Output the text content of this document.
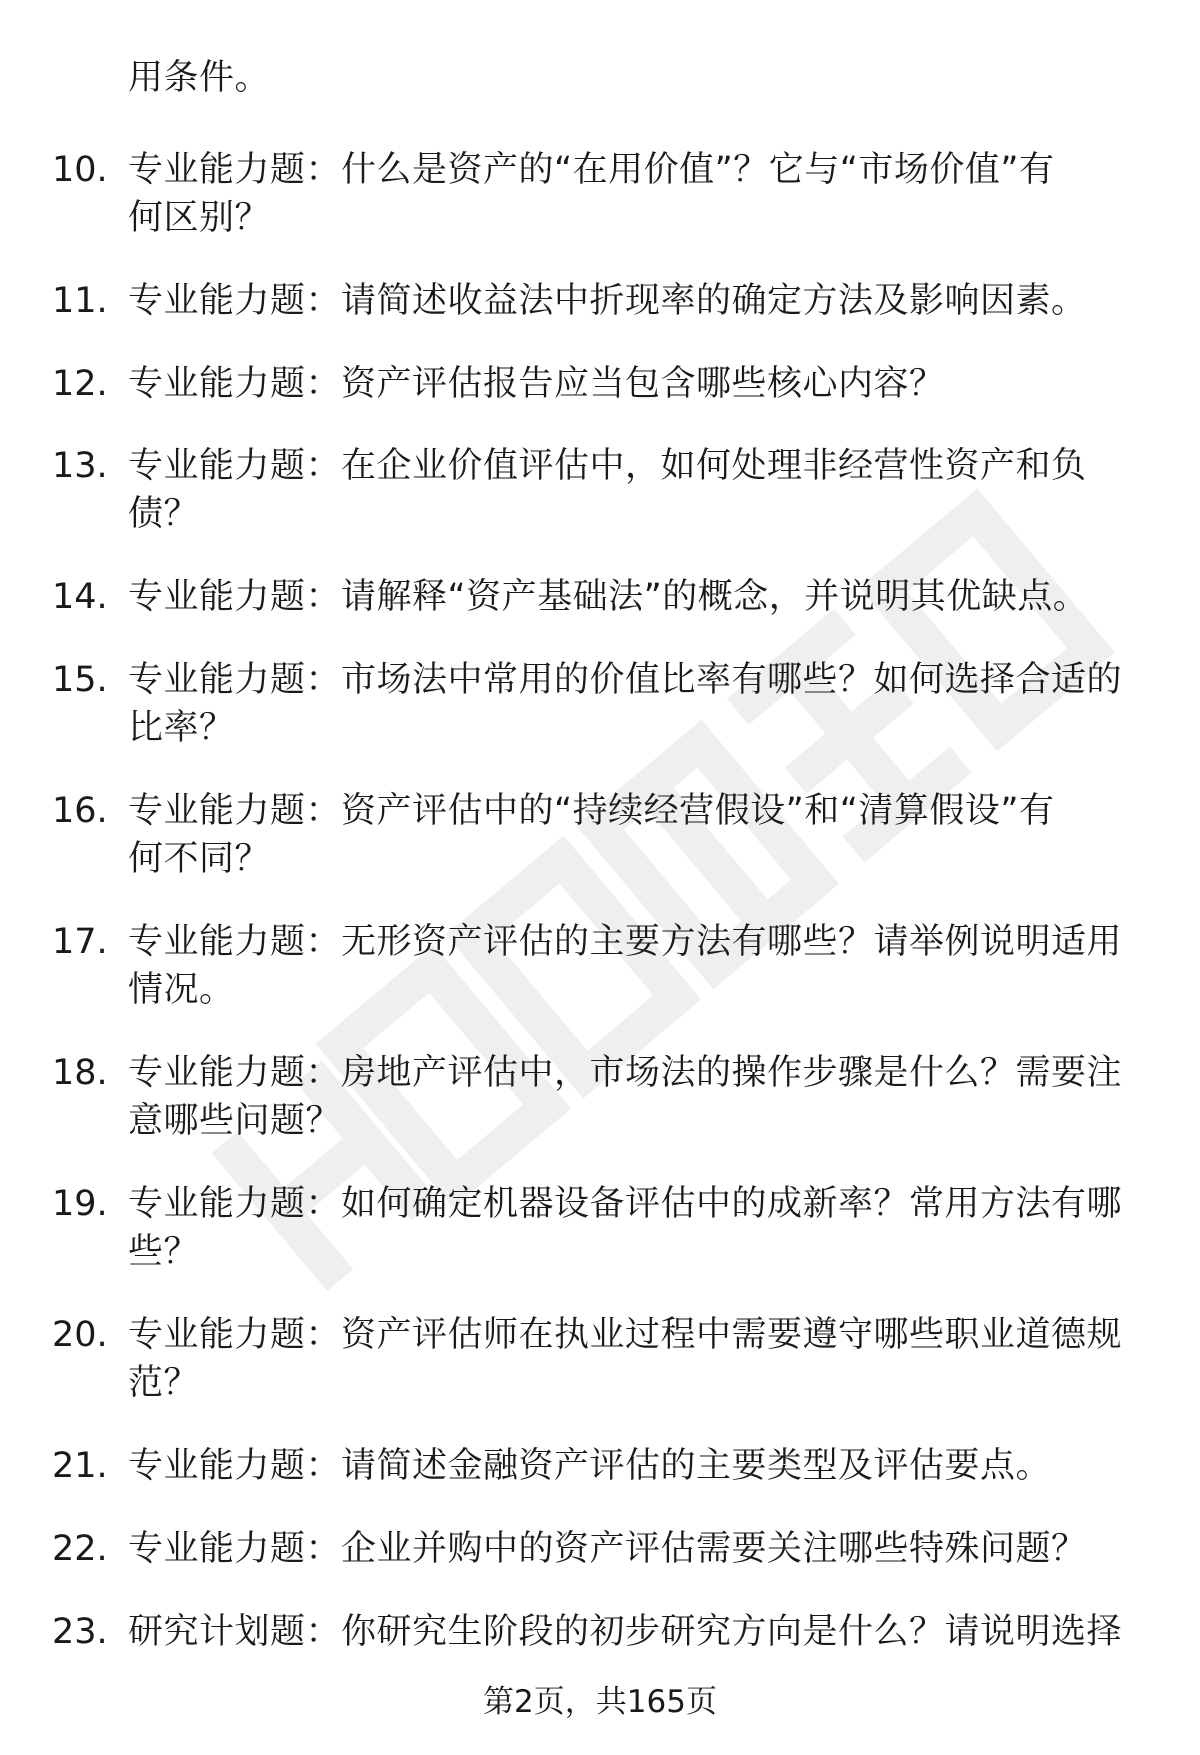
用条件。
10. 专业能力题：什么是资产的“在用价值”？它与“市场价值”有
何区别？
11. 专业能力题：请简述收益法中折现率的确定方法及影响因素。
12. 专业能力题：资产评估报告应当包含哪些核心内容？
13. 专业能力题：在企业价值评估中，如何处理非经营性资产和负
债？
14. 专业能力题：请解释“资产基础法”的概念，并说明其优缺点。
15. 专业能力题：市场法中常用的价值比率有哪些？如何选择合适的
比率？
16. 专业能力题：资产评估中的“持续经营假设”和“清算假设”有
何不同？
17. 专业能力题：无形资产评估的主要方法有哪些？请举例说明适用
情况。
18. 专业能力题：房地产评估中，市场法的操作步骤是什么？需要注
意哪些问题？
19. 专业能力题：如何确定机器设备评估中的成新率？常用方法有哪
些？
20. 专业能力题：资产评估师在执业过程中需要遵守哪些职业道德规
范？
21. 专业能力题：请简述金融资产评估的主要类型及评估要点。
22. 专业能力题：企业并购中的资产评估需要关注哪些特殊问题？
23. 研究计划题：你研究生阶段的初步研究方向是什么？请说明选择
第2页，共165页
